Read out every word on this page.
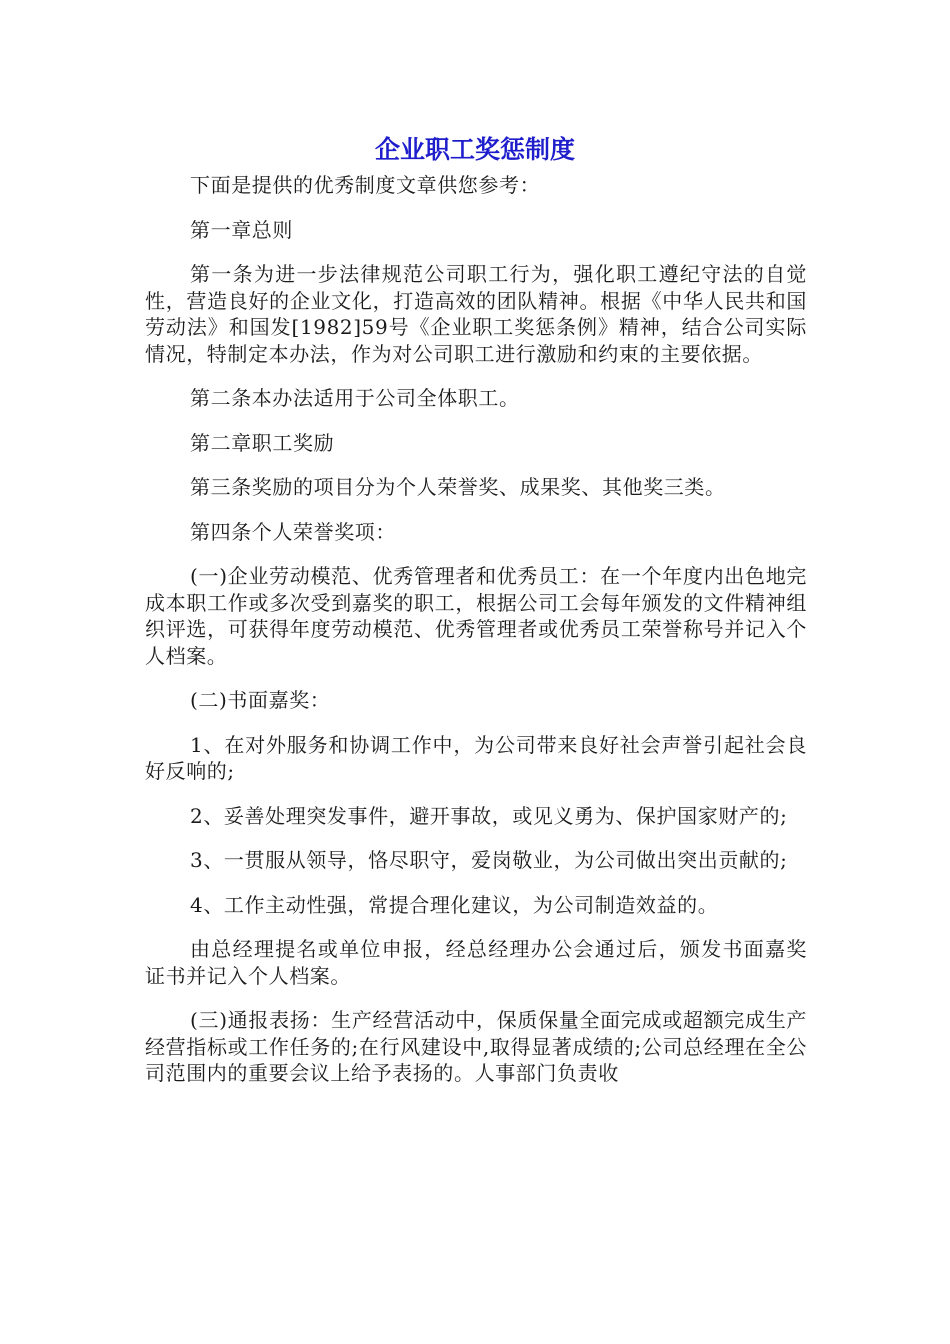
企业职工奖惩制度

下面是提供的优秀制度文章供您参考：

第一章总则

第一条为进一步法律规范公司职工行为，强化职工遵纪守法的自觉性，营造良好的企业文化，打造高效的团队精神。根据《中华人民共和国劳动法》和国发[1982]59号《企业职工奖惩条例》精神，结合公司实际情况，特制定本办法，作为对公司职工进行激励和约束的主要依据。

第二条本办法适用于公司全体职工。

第二章职工奖励

第三条奖励的项目分为个人荣誉奖、成果奖、其他奖三类。

第四条个人荣誉奖项：

(一)企业劳动模范、优秀管理者和优秀员工：在一个年度内出色地完成本职工作或多次受到嘉奖的职工，根据公司工会每年颁发的文件精神组织评选，可获得年度劳动模范、优秀管理者或优秀员工荣誉称号并记入个人档案。

(二)书面嘉奖：

1、在对外服务和协调工作中，为公司带来良好社会声誉引起社会良好反响的;

2、妥善处理突发事件，避开事故，或见义勇为、保护国家财产的;

3、一贯服从领导，恪尽职守，爱岗敬业，为公司做出突出贡献的;

4、工作主动性强，常提合理化建议，为公司制造效益的。

由总经理提名或单位申报，经总经理办公会通过后，颁发书面嘉奖证书并记入个人档案。

(三)通报表扬：生产经营活动中，保质保量全面完成或超额完成生产经营指标或工作任务的;在行风建设中,取得显著成绩的;公司总经理在全公司范围内的重要会议上给予表扬的。人事部门负责收
